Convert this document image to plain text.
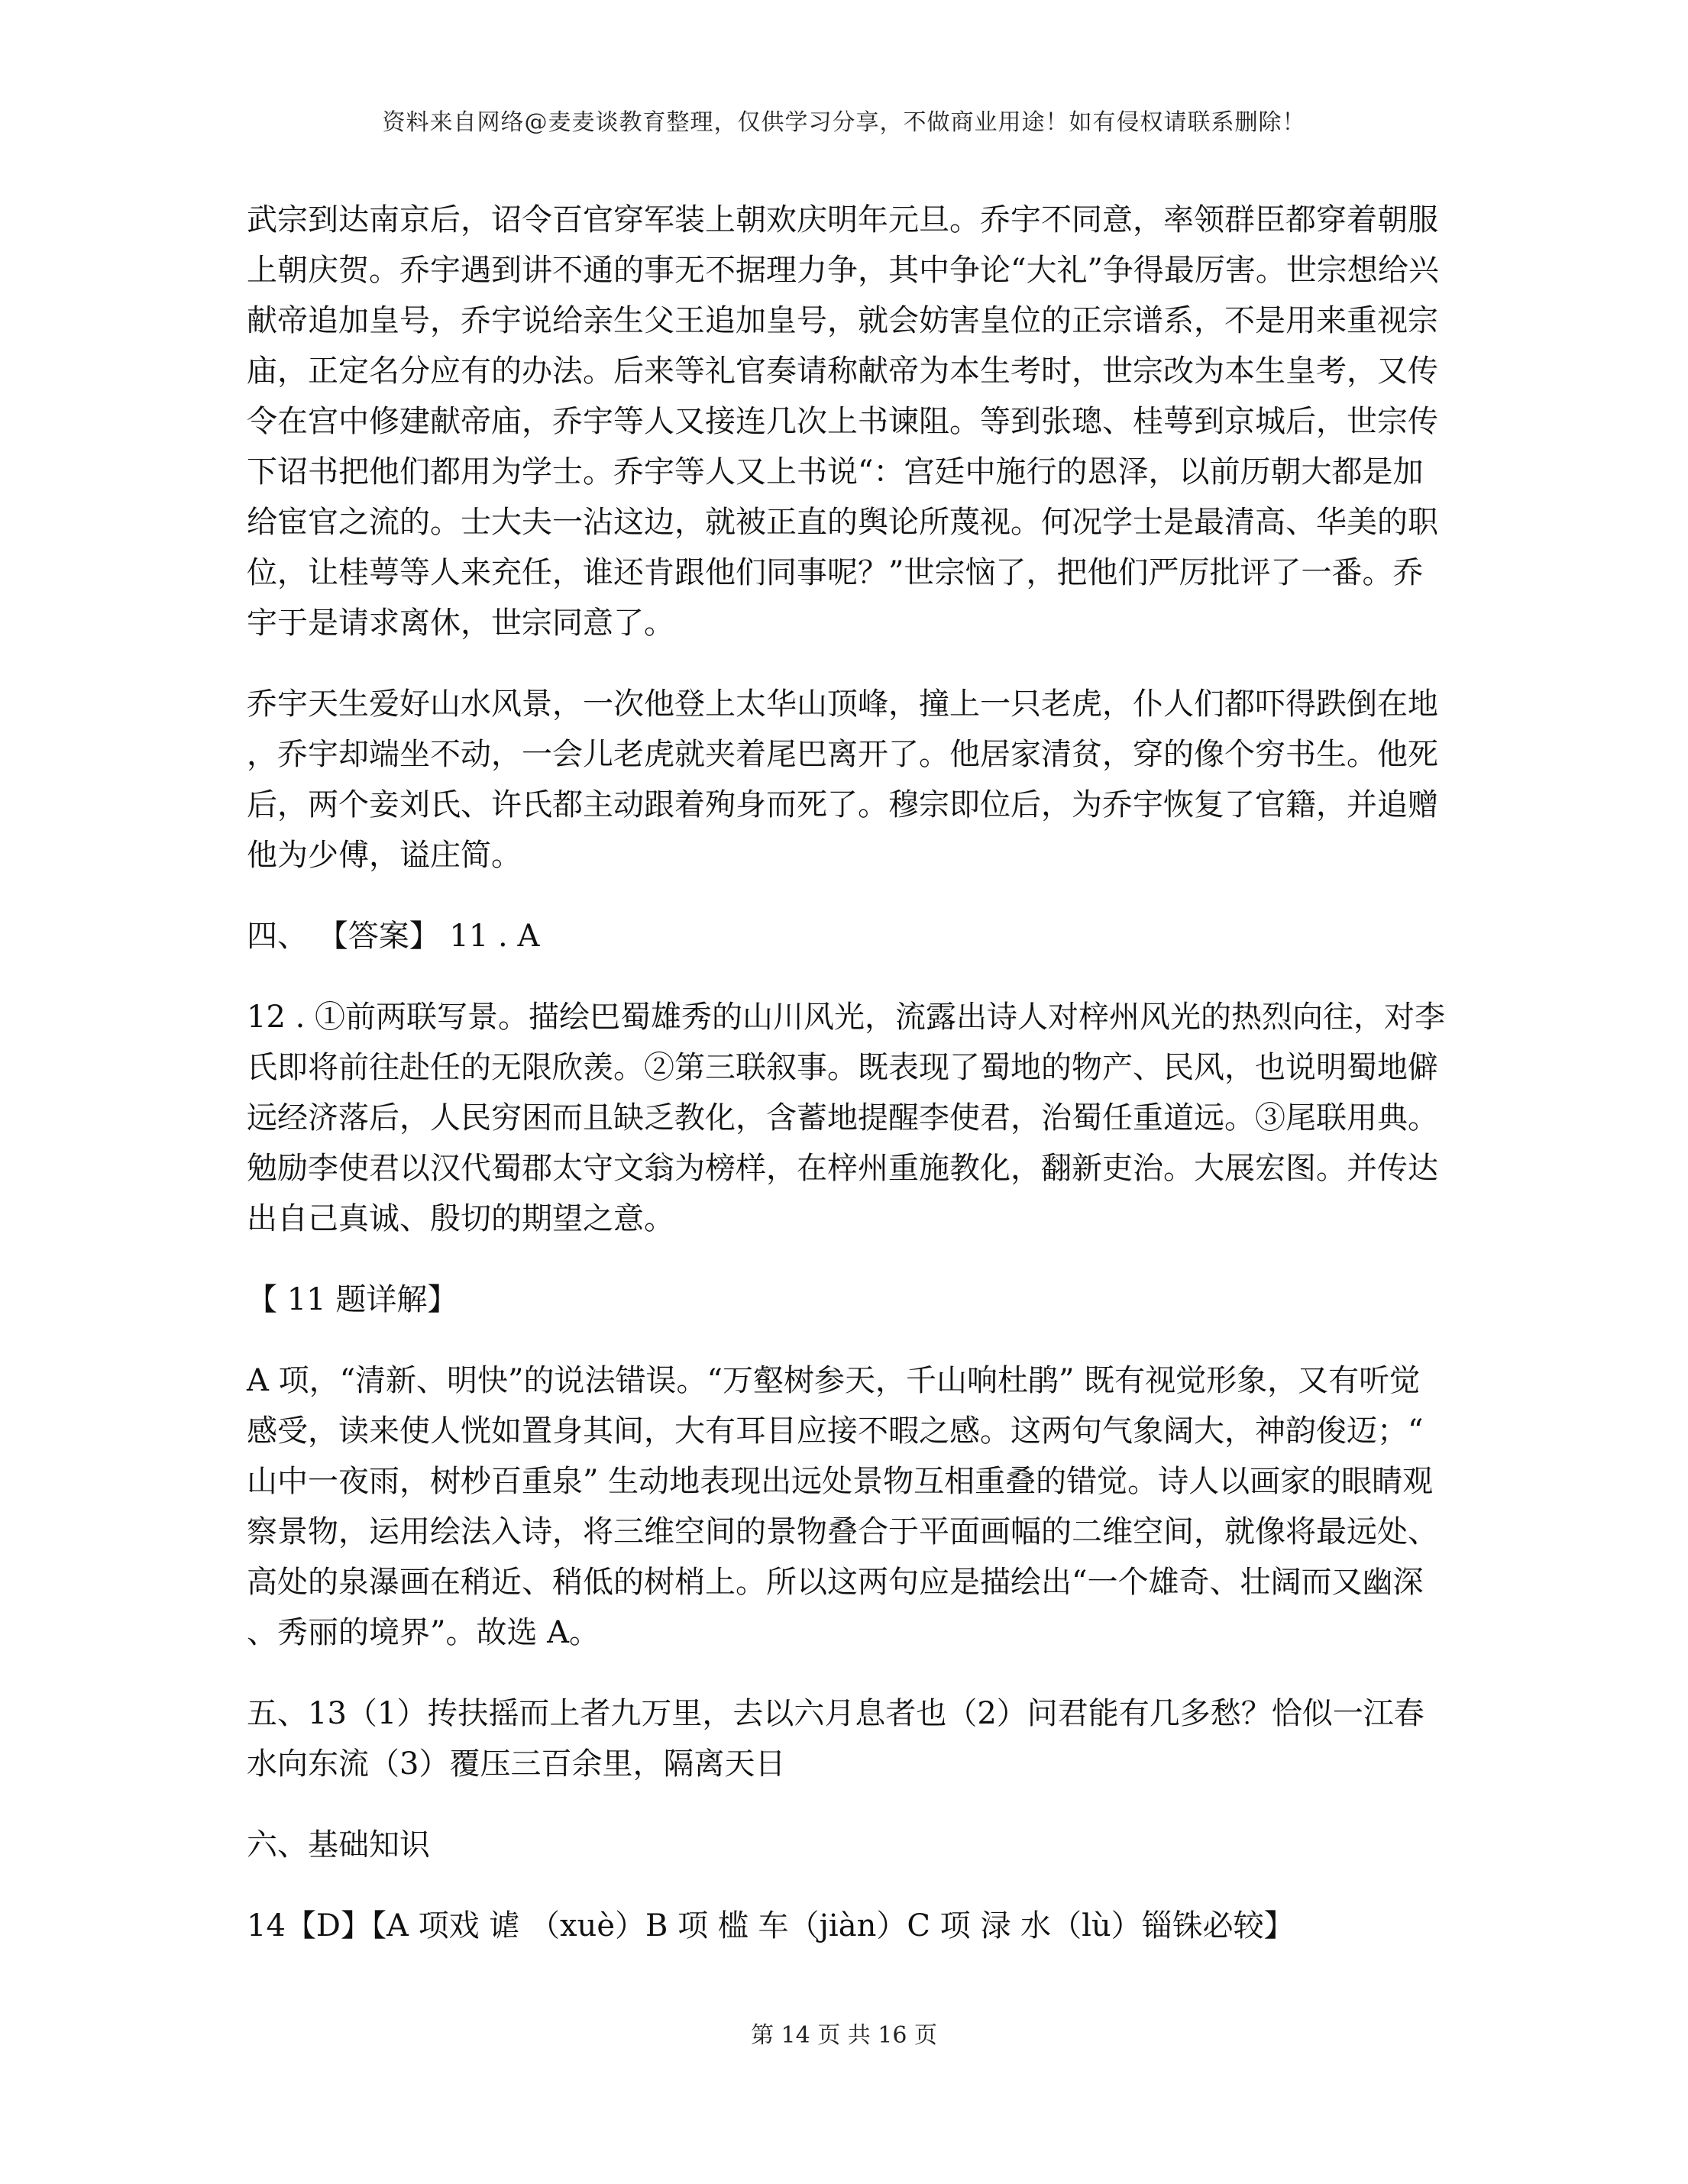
资料来自网络@麦麦谈教育整理，仅供学习分享，不做商业用途！如有侵权请联系删除！

武宗到达南京后，诏令百官穿军装上朝欢庆明年元旦。乔宇不同意，率领群臣都穿着朝服上朝庆贺。乔宇遇到讲不通的事无不据理力争，其中争论“大礼”争得最厉害。世宗想给兴献帝追加皇号，乔宇说给亲生父王追加皇号，就会妨害皇位的正宗谱系，不是用来重视宗庙，正定名分应有的办法。后来等礼官奏请称献帝为本生考时，世宗改为本生皇考，又传令在宫中修建献帝庙，乔宇等人又接连几次上书谏阻。等到张璁、桂萼到京城后，世宗传下诏书把他们都用为学士。乔宇等人又上书说“：宫廷中施行的恩泽，以前历朝大都是加给宦官之流的。士大夫一沾这边，就被正直的舆论所蔑视。何况学士是最清高、华美的职位，让桂萼等人来充任，谁还肯跟他们同事呢？”世宗恼了，把他们严厉批评了一番。乔宇于是请求离休，世宗同意了。

乔宇天生爱好山水风景，一次他登上太华山顶峰，撞上一只老虎，仆人们都吓得跌倒在地，乔宇却端坐不动，一会儿老虎就夹着尾巴离开了。他居家清贫，穿的像个穷书生。他死后，两个妾刘氏、许氏都主动跟着殉身而死了。穆宗即位后，为乔宇恢复了官籍，并追赠他为少傅，谥庄简。

四、 【答案】 11 . A

12 . ①前两联写景。描绘巴蜀雄秀的山川风光，流露出诗人对梓州风光的热烈向往，对李氏即将前往赴任的无限欣羡。②第三联叙事。既表现了蜀地的物产、民风，也说明蜀地僻远经济落后，人民穷困而且缺乏教化，含蓄地提醒李使君，治蜀任重道远。③尾联用典。勉励李使君以汉代蜀郡太守文翁为榜样，在梓州重施教化，翻新吏治。大展宏图。并传达出自己真诚、殷切的期望之意。

【 11 题详解】

A 项，“清新、明快”的说法错误。“万壑树参天，千山响杜鹃” 既有视觉形象，又有听觉感受，读来使人恍如置身其间，大有耳目应接不暇之感。这两句气象阔大，神韵俊迈；“山中一夜雨，树杪百重泉” 生动地表现出远处景物互相重叠的错觉。诗人以画家的眼睛观察景物，运用绘法入诗，将三维空间的景物叠合于平面画幅的二维空间，就像将最远处、高处的泉瀑画在稍近、稍低的树梢上。所以这两句应是描绘出“一个雄奇、壮阔而又幽深、秀丽的境界”。故选 A。

五、13（1）抟扶摇而上者九万里，去以六月息者也（2）问君能有几多愁？恰似一江春水向东流（3）覆压三百余里，隔离天日

六、基础知识

14【D】【A 项戏 谑 （xuè）B 项 槛 车（jiàn）C 项 渌 水（lù）锱铢必较】

第 14 页 共 16 页
